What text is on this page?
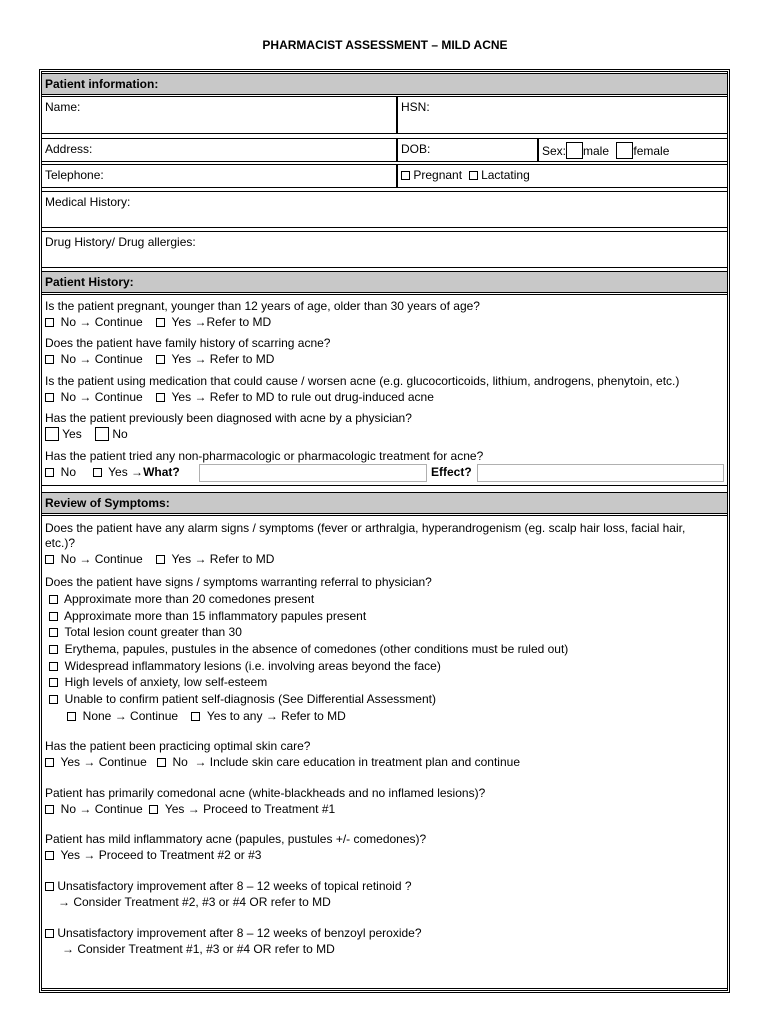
PHARMACIST ASSESSMENT – MILD ACNE
Patient information:
Name:	HSN:
Address:	DOB:	Sex: male female
Telephone:	Pregnant Lactating
Medical History:
Drug History/ Drug allergies:
Patient History:
Is the patient pregnant, younger than 12 years of age, older than 30 years of age?
No → Continue Yes →Refer to MD
Does the patient have family history of scarring acne?
No → Continue Yes → Refer to MD
Is the patient using medication that could cause / worsen acne (e.g. glucocorticoids, lithium, androgens, phenytoin, etc.)
No → Continue Yes → Refer to MD to rule out drug-induced acne
Has the patient previously been diagnosed with acne by a physician?
Yes	No
Has the patient tried any non-pharmacologic or pharmacologic treatment for acne?
No	Yes →What?	Effect?
Review of Symptoms:
Does the patient have any alarm signs / symptoms (fever or arthralgia, hyperandrogenism (eg. scalp hair loss, facial hair,
etc.)?
No → Continue Yes → Refer to MD
Does the patient have signs / symptoms warranting referral to physician?
Approximate more than 20 comedones present
Approximate more than 15 inflammatory papules present
Total lesion count greater than 30
Erythema, papules, pustules in the absence of comedones (other conditions must be ruled out)
Widespread inflammatory lesions (i.e. involving areas beyond the face)
High levels of anxiety, low self-esteem
Unable to confirm patient self-diagnosis (See Differential Assessment)
None → Continue Yes to any → Refer to MD
Has the patient been practicing optimal skin care?
Yes → Continue No → Include skin care education in treatment plan and continue
Patient has primarily comedonal acne (white-blackheads and no inflamed lesions)?
No → Continue Yes → Proceed to Treatment #1
Patient has mild inflammatory acne (papules, pustules +/- comedones)?
Yes → Proceed to Treatment #2 or #3
Unsatisfactory improvement after 8 – 12 weeks of topical retinoid ?
→ Consider Treatment #2, #3 or #4 OR refer to MD
Unsatisfactory improvement after 8 – 12 weeks of benzoyl peroxide?
→ Consider Treatment #1, #3 or #4 OR refer to MD
